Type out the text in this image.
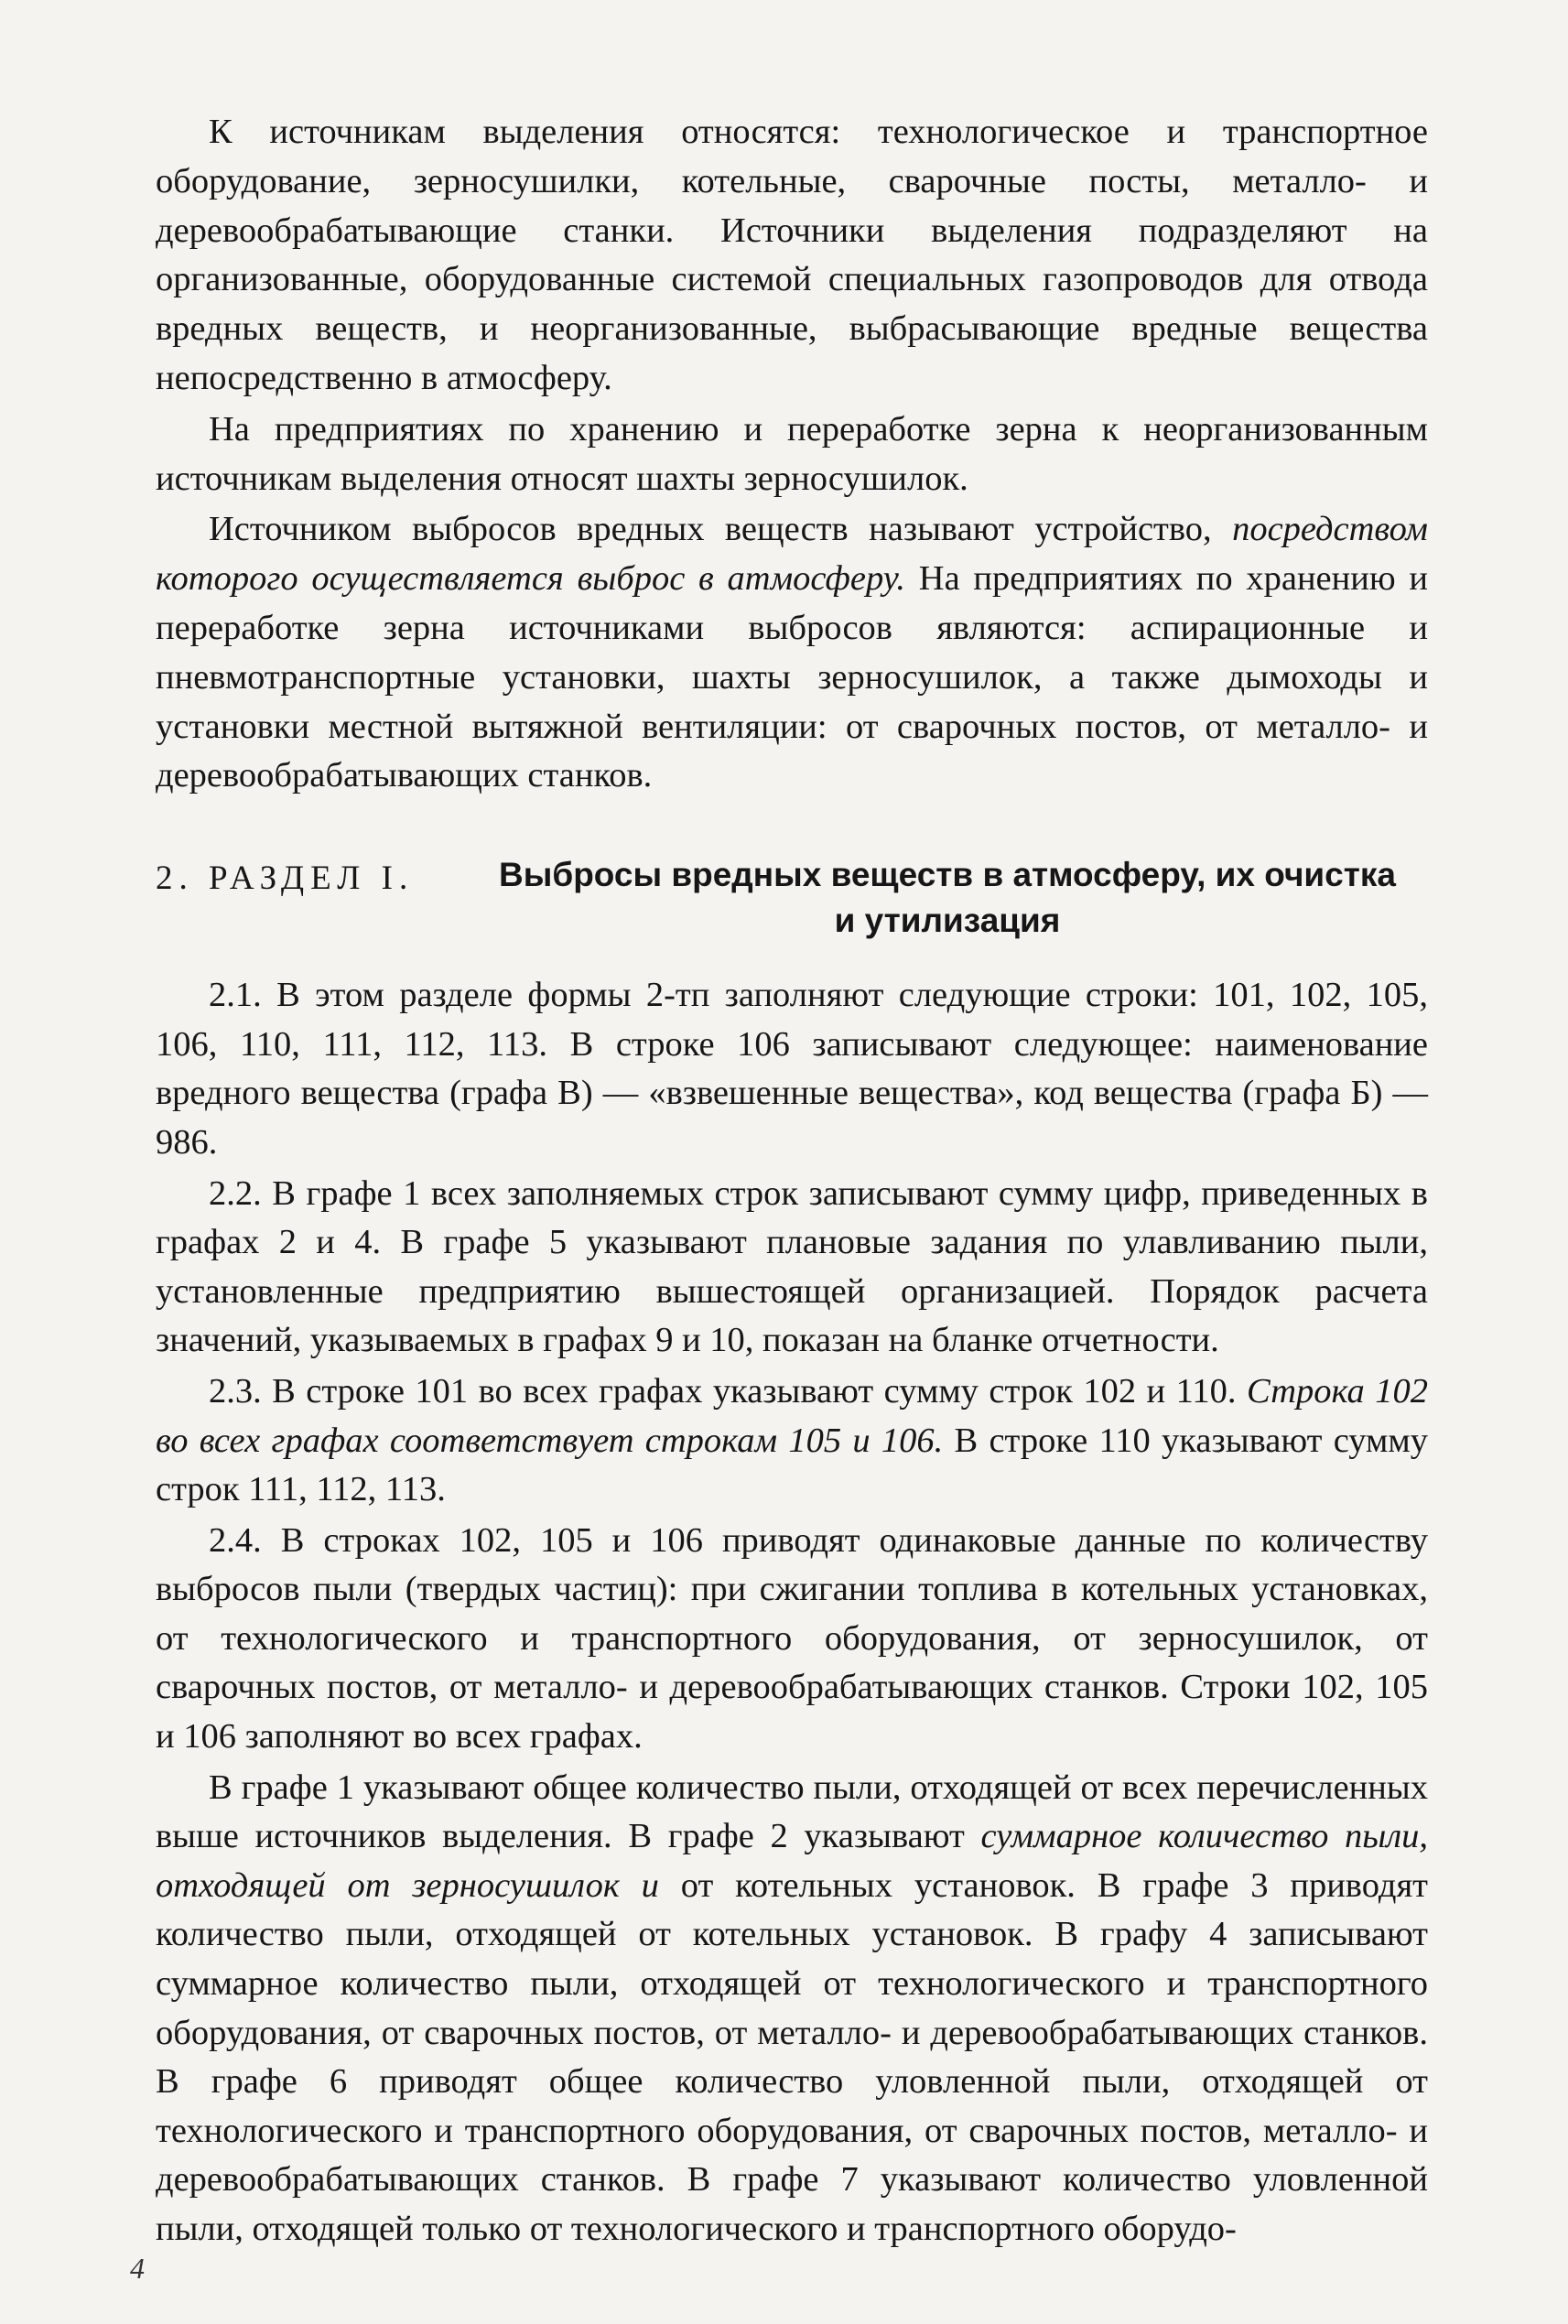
К источникам выделения относятся: технологическое и транспортное оборудование, зерносушилки, котельные, сварочные посты, металло- и деревообрабатывающие станки. Источники выделения подразделяют на организованные, оборудованные системой специальных газопроводов для отвода вредных веществ, и неорганизованные, выбрасывающие вредные вещества непосредственно в атмосферу.

На предприятиях по хранению и переработке зерна к неорганизованным источникам выделения относят шахты зерносушилок.

Источником выбросов вредных веществ называют устройство, посредством которого осуществляется выброс в атмосферу. На предприятиях по хранению и переработке зерна источниками выбросов являются: аспирационные и пневмотранспортные установки, шахты зерносушилок, а также дымоходы и установки местной вытяжной вентиляции: от сварочных постов, от металло- и деревообрабатывающих станков.

2. РАЗДЕЛ I.	Выбросы вредных веществ в атмосферу, их очистка
и утилизация

2.1. В этом разделе формы 2-тп заполняют следующие строки: 101, 102, 105, 106, 110, 111, 112, 113. В строке 106 записывают следующее: наименование вредного вещества (графа В) — «взвешенные вещества», код вещества (графа Б) — 986.

2.2. В графе 1 всех заполняемых строк записывают сумму цифр, приведенных в графах 2 и 4. В графе 5 указывают плановые задания по улавливанию пыли, установленные предприятию вышестоящей организацией. Порядок расчета значений, указываемых в графах 9 и 10, показан на бланке отчетности.

2.3. В строке 101 во всех графах указывают сумму строк 102 и 110. Строка 102 во всех графах соответствует строкам 105 и 106. В строке 110 указывают сумму строк 111, 112, 113.

2.4. В строках 102, 105 и 106 приводят одинаковые данные по количеству выбросов пыли (твердых частиц): при сжигании топлива в котельных установках, от технологического и транспортного оборудования, от зерносушилок, от сварочных постов, от металло- и деревообрабатывающих станков. Строки 102, 105 и 106 заполняют во всех графах.

В графе 1 указывают общее количество пыли, отходящей от всех перечисленных выше источников выделения. В графе 2 указывают суммарное количество пыли, отходящей от зерносушилок и от котельных установок. В графе 3 приводят количество пыли, отходящей от котельных установок. В графу 4 записывают суммарное количество пыли, отходящей от технологического и транспортного оборудования, от сварочных постов, от металло- и деревообрабатывающих станков. В графе 6 приводят общее количество уловленной пыли, отходящей от технологического и транспортного оборудования, от сварочных постов, металло- и деревообрабатывающих станков. В графе 7 указывают количество уловленной пыли, отходящей только от технологического и транспортного оборудо-

4
